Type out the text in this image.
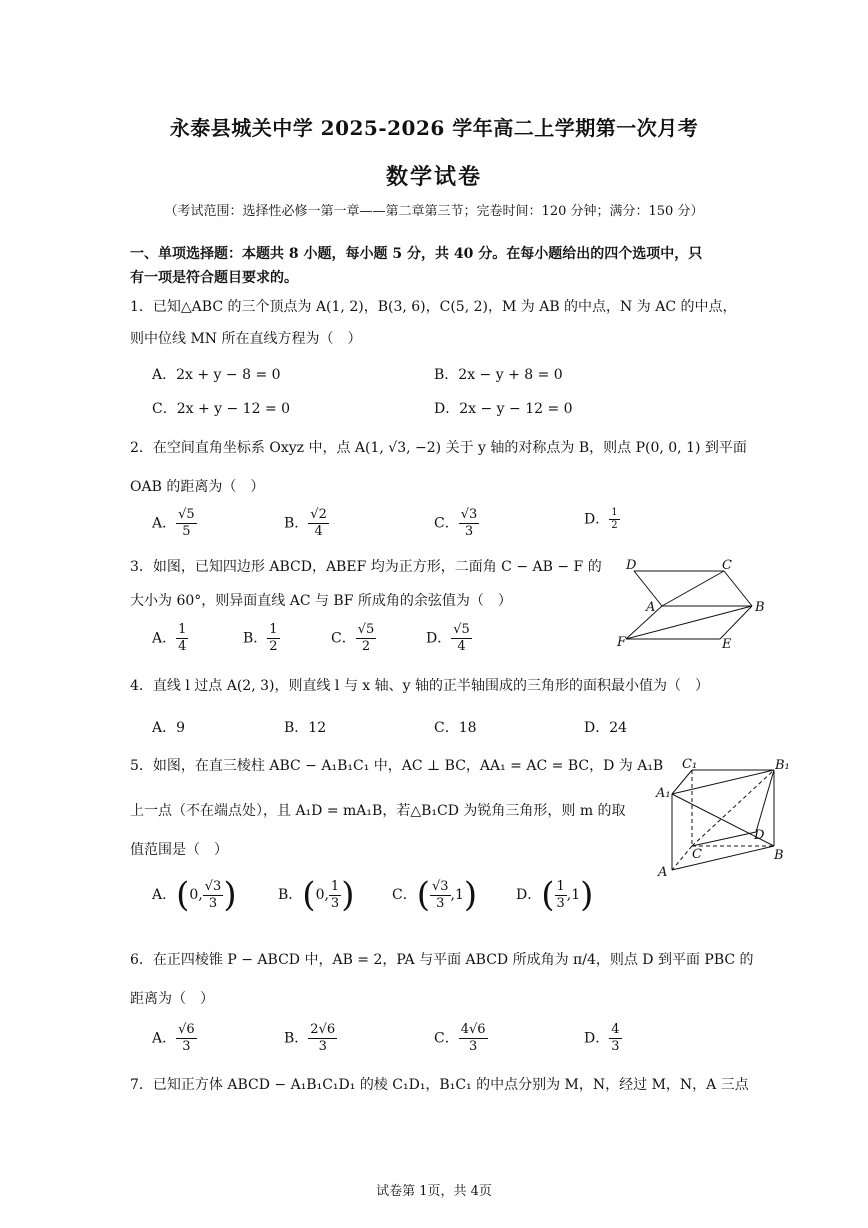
永泰县城关中学 2025-2026 学年高二上学期第一次月考
数学试卷
（考试范围：选择性必修一第一章——第二章第三节；完卷时间：120 分钟；满分：150 分）
一、单项选择题：本题共 8 小题，每小题 5 分，共 40 分。在每小题给出的四个选项中，只
有一项是符合题目要求的。
1．已知△ABC 的三个顶点为 A(1, 2)，B(3, 6)，C(5, 2)，M 为 AB 的中点，N 为 AC 的中点，
则中位线 MN 所在直线方程为（　）
A．2x + y − 8 = 0	B．2x − y + 8 = 0
C．2x + y − 12 = 0	D．2x − y − 12 = 0
2．在空间直角坐标系 Oxyz 中，点 A(1, √3, −2) 关于 y 轴的对称点为 B，则点 P(0, 0, 1) 到平面
OAB 的距离为（　）
A． $\frac{√5}{5}$	B． $\frac{√2}{4}$	C． $\frac{√3}{3}$	D． $\frac{1}{2}$
3．如图，已知四边形 ABCD，ABEF 均为正方形，二面角 C − AB − F 的
大小为 60°，则异面直线 AC 与 BF 所成角的余弦值为（　）
A． $\frac{1}{4}$	B． $\frac{1}{2}$	C． $\frac{√5}{2}$	D． $\frac{√5}{4}$
D	C
A	B
F	E
4．直线 l 过点 A(2, 3)，则直线 l 与 x 轴、y 轴的正半轴围成的三角形的面积最小值为（　）
A．9	B．12	C．18	D．24
5．如图，在直三棱柱 ABC − A₁B₁C₁ 中，AC ⊥ BC，AA₁ = AC = BC，D 为 A₁B
上一点（不在端点处），且 A₁D = mA₁B，若△B₁CD 为锐角三角形，则 m 的取
值范围是（　）
A．(0, $\frac{√3}{3}$ )	B．(0, $\frac{1}{3}$ )	C．( $\frac{√3}{3} ,1$)	D．( $\frac{1}{3} ,1$)
C₁	B₁
A₁
D
C	B
A
6．在正四棱锥 P − ABCD 中，AB = 2，PA 与平面 ABCD 所成角为 π/4，则点 D 到平面 PBC 的
距离为（　）
A． $\frac{√6}{3}$	B． $\frac{2√6}{3}$	C． $\frac{4√6}{3}$	D． $\frac{4}{3}$
7．已知正方体 ABCD − A₁B₁C₁D₁ 的棱 C₁D₁，B₁C₁ 的中点分别为 M，N，经过 M，N，A 三点
试卷第 1页，共 4页
